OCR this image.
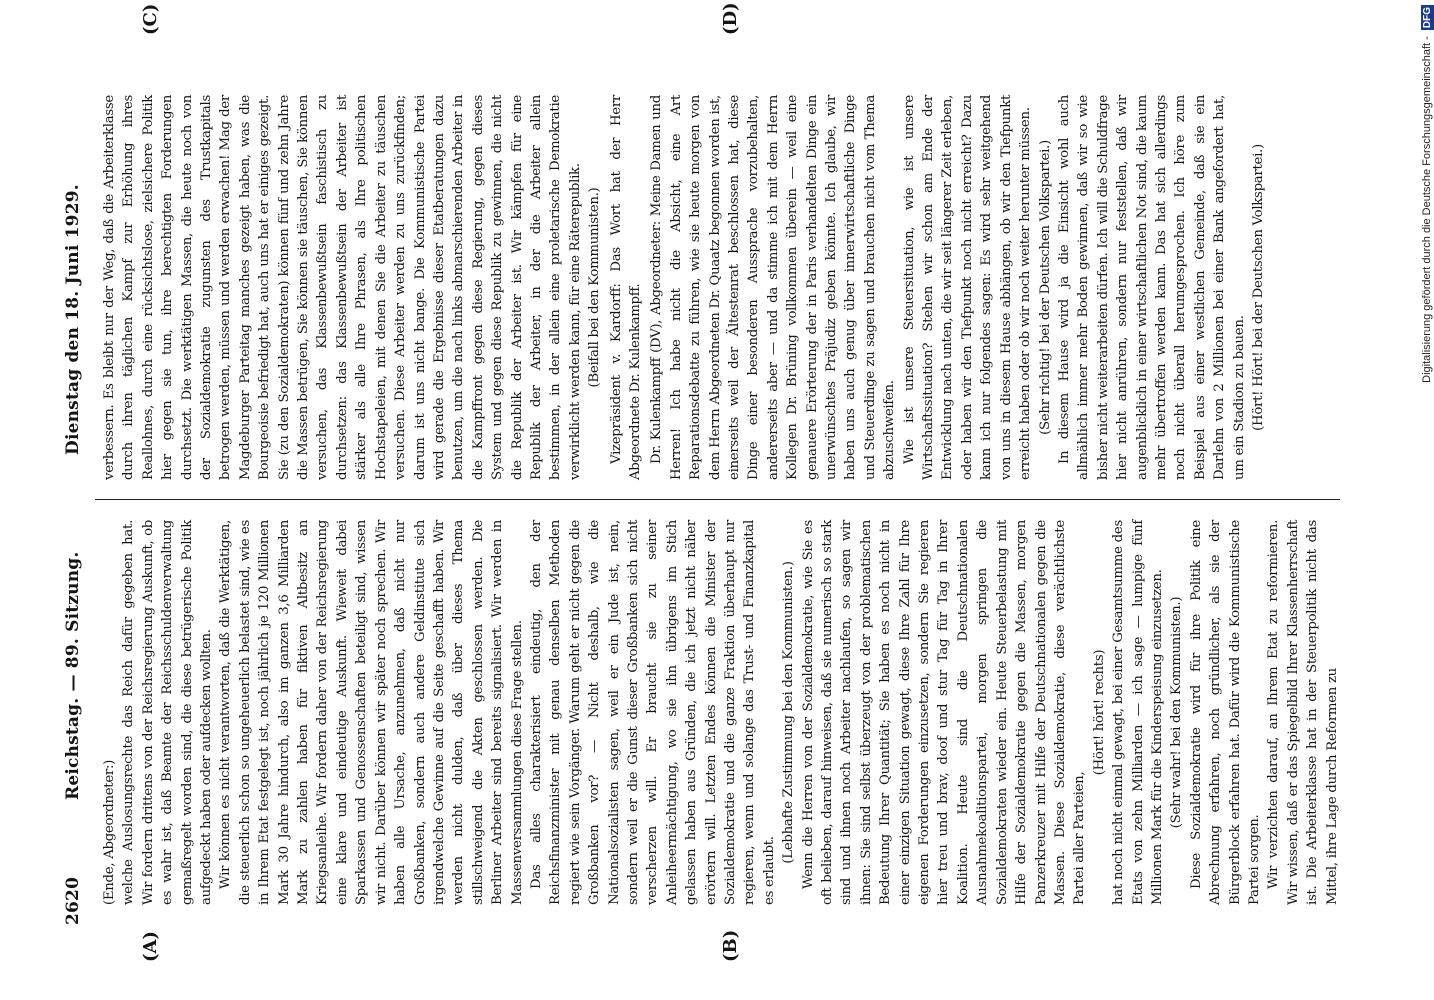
2620
Reichstag. — 89. Sitzung.
Dienstag den 18. Juni 1929.
(A)	(B)
(C)	(D)

(Ende, Abgeordneter:) welche Auslosungsrechte das Reich dafür gegeben hat. Wir fordern drittens von der Reichsregierung Auskunft, ob es wahr ist, daß Beamte der Reichsschuldenverwaltung gemaßregelt worden sind, die diese betrügerische Politik aufgedeckt haben oder aufdecken wollten. Wir können es nicht verantworten, daß die Werktätigen, die steuerlich schon so ungeheuerlich belastet sind, wie es in Ihrem Etat festgelegt ist, noch jährlich je 120 Millionen Mark 30 Jahre hindurch, also im ganzen 3,6 Milliarden Mark zu zahlen haben für fiktiven Altbesitz an Kriegsanleihe. Wir fordern daher von der Reichsregierung eine klare und eindeutige Auskunft. Wieweit dabei Sparkassen und Genossenschaften beteiligt sind, wissen wir nicht. Darüber können wir später noch sprechen. Wir haben alle Ursache, anzunehmen, daß nicht nur Großbanken, sondern auch andere Geldinstitute sich irgendwelche Gewinne auf die Seite geschafft haben. Wir werden nicht dulden, daß über dieses Thema stillschweigend die Akten geschlossen werden. Die Berliner Arbeiter sind bereits signalisiert. Wir werden in Massenversammlungen diese Frage stellen. Das alles charakterisiert eindeutig, den der Reichsfinanzminister mit genau denselben Methoden regiert wie sein Vorgänger. Warum geht er nicht gegen die Großbanken vor? — Nicht deshalb, wie die Nationalsozialisten sagen, weil er ein Jude ist, nein, sondern weil er die Gunst dieser Großbanken sich nicht verscherzen will. Er braucht sie zu seiner Anleiheermächtigung, wo sie ihn übrigens im Stich gelassen haben aus Gründen, die ich jetzt nicht näher erörtern will. Letzten Endes können die Minister der Sozialdemokratie und die ganze Fraktion überhaupt nur regieren, wenn und solange das Trust- und Finanzkapital es erlaubt.

(Lebhafte Zustimmung bei den Kommunisten.) Wenn die Herren von der Sozialdemokratie, wie Sie es oft belieben, darauf hinweisen, daß sie numerisch so stark sind und ihnen noch Arbeiter nachlaufen, so sagen wir ihnen: Sie sind selbst überzeugt von der problematischen Bedeutung Ihrer Quantität; Sie haben es noch nicht in einer einzigen Situation gewagt, diese Ihre Zahl für Ihre eigenen Forderungen einzusetzen, sondern Sie regieren hier treu und brav, doof und stur Tag für Tag in Ihrer Koalition. Heute sind die Deutschnationalen Ausnahmekoalitionspartei, morgen springen die Sozialdemokraten wieder ein. Heute Steuerbelastung mit Hilfe der Sozialdemokratie gegen die Massen, morgen Panzerkreuzer mit Hilfe der Deutschnationalen gegen die Massen. Diese Sozialdemokratie, diese verächtlichste Partei aller Parteien,

(Hört! hört! rechts) hat noch nicht einmal gewagt, bei einer Gesamtsumme des Etats von zehn Milliarden — ich sage — lumpige fünf Millionen Mark für die Kinderspeisung einzusetzen. (Sehr wahr! bei den Kommunisten.) Diese Sozialdemokratie wird für ihre Politik eine Abrechnung erfahren, noch gründlicher, als sie der Bürgerblock erfahren hat. Dafür wird die Kommunistische Partei sorgen. Wir verzichten darauf, an Ihrem Etat zu reformieren. Wir wissen, daß er das Spiegelbild Ihrer Klassenherrschaft ist. Die Arbeiterklasse hat in der Steuerpolitik nicht das Mittel, ihre Lage durch Reformen zu

verbessern. Es bleibt nur der Weg, daß die Arbeiterklasse durch ihren täglichen Kampf zur Erhöhung ihres Reallohnes, durch eine rücksichtslose, zielsichere Politik hier gegen sie tun, ihre berechtigten Forderungen durchsetzt. Die werktätigen Massen, die heute noch von der Sozialdemokratie zugunsten des Trustkapitals betrogen werden, müssen und werden erwachen! Mag der Magdeburger Parteitag manches gezeigt haben, was die Bourgeoisie befriedigt hat, auch uns hat er einiges gezeigt. Sie (zu den Sozialdemokraten) können fünf und zehn Jahre die Massen betrügen, Sie können sie täuschen, Sie können versuchen, das Klassenbewußtsein faschistisch zu durchsetzen: das Klassenbewußtsein der Arbeiter ist stärker als alle Ihre Phrasen, als Ihre politischen Hochstapeleien, mit denen Sie die Arbeiter zu täuschen versuchen. Diese Arbeiter werden zu uns zurückfinden; darum ist uns nicht bange. Die Kommunistische Partei wird gerade die Ergebnisse dieser Etatberatungen dazu benutzen, um die nach links abmarschierenden Arbeiter in die Kampffront gegen diese Regierung, gegen dieses System und gegen diese Republik zu gewinnen, die nicht die Republik der Arbeiter ist. Wir kämpfen für eine Republik der Arbeiter, in der die Arbeiter allein bestimmen, in der allein eine proletarische Demokratie verwirklicht werden kann, für eine Räterepublik. (Beifall bei den Kommunisten.) Vizepräsident v. Kardorff: Das Wort hat der Herr Abgeordnete Dr. Kulenkampff. Dr. Kulenkampff (DV), Abgeordneter: Meine Damen und Herren! Ich habe nicht die Absicht, eine Art Reparationsdebatte zu führen, wie sie heute morgen von dem Herrn Abgeordneten Dr. Quaatz begonnen worden ist, einerseits weil der Ältestenrat beschlossen hat, diese Dinge einer besonderen Aussprache vorzubehalten, andererseits aber — und da stimme ich mit dem Herrn Kollegen Dr. Brüning vollkommen überein — weil eine genauere Erörterung der in Paris verhandelten Dinge ein unerwünschtes Präjudiz geben könnte. Ich glaube, wir haben uns auch genug über innerwirtschaftliche Dinge und Steuerdinge zu sagen und brauchen nicht vom Thema abzuschweifen. Wie ist unsere Steuersituation, wie ist unsere Wirtschaftssituation? Stehen wir schon am Ende der Entwicklung nach unten, die wir seit längerer Zeit erleben, oder haben wir den Tiefpunkt noch nicht erreicht? Dazu kann ich nur folgendes sagen: Es wird sehr weitgehend von uns in diesem Hause abhängen, ob wir den Tiefpunkt erreicht haben oder ob wir noch weiter herunter müssen. (Sehr richtig! bei der Deutschen Volkspartei.) In diesem Hause wird ja die Einsicht wohl auch allmählich immer mehr Boden gewinnen, daß wir so wie bisher nicht weiterarbeiten dürfen. Ich will die Schuldfrage hier nicht anrühren, sondern nur feststellen, daß wir augenblicklich in einer wirtschaftlichen Not sind, die kaum mehr übertroffen werden kann. Das hat sich allerdings noch nicht überall herumgesprochen. Ich höre zum Beispiel aus einer westlichen Gemeinde, daß sie ein Darlehn von 2 Millionen bei einer Bank angefordert hat, um ein Stadion zu bauen. (Hört! Hört! bei der Deutschen Volkspartei.)	Digitalisierung gefördert durch die Deutsche Forschungsgemeinschaft - DFG
